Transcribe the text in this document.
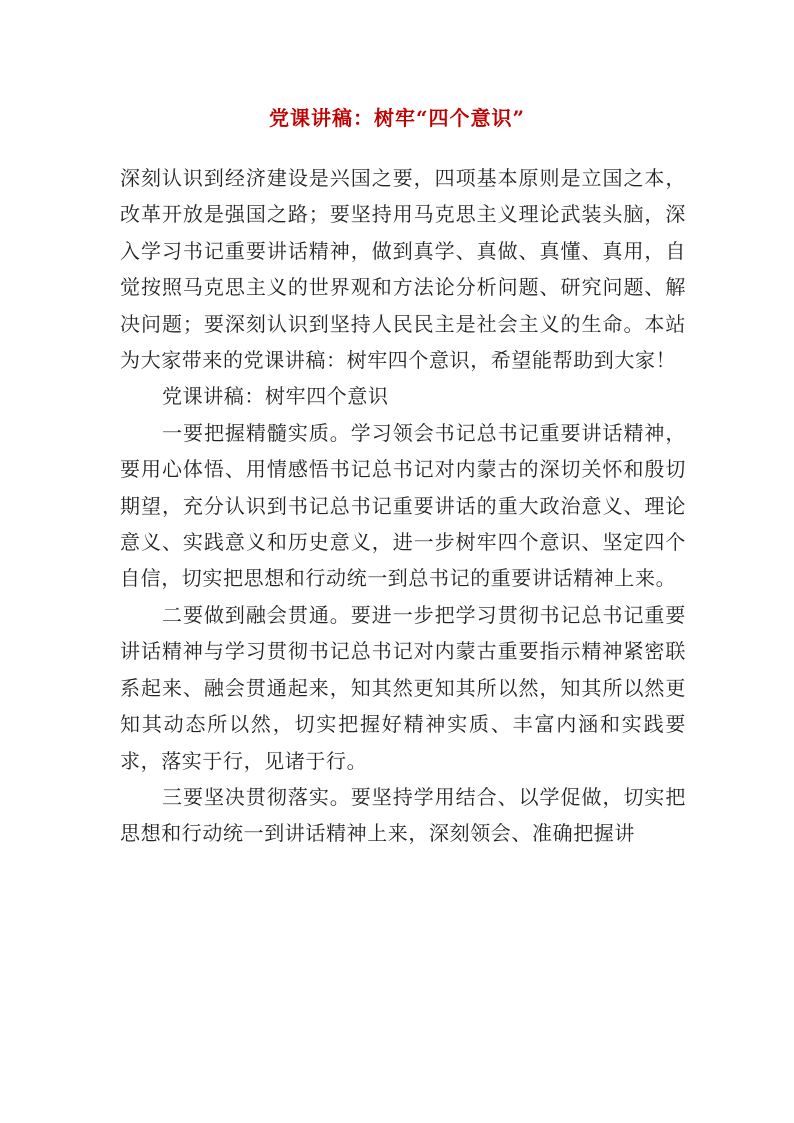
党课讲稿：树牢“四个意识”

深刻认识到经济建设是兴国之要，四项基本原则是立国之本，改革开放是强国之路；要坚持用马克思主义理论武装头脑，深入学习书记重要讲话精神，做到真学、真做、真懂、真用，自觉按照马克思主义的世界观和方法论分析问题、研究问题、解决问题；要深刻认识到坚持人民民主是社会主义的生命。本站为大家带来的党课讲稿：树牢四个意识，希望能帮助到大家！

党课讲稿：树牢四个意识

一要把握精髓实质。学习领会书记总书记重要讲话精神，要用心体悟、用情感悟书记总书记对内蒙古的深切关怀和殷切期望，充分认识到书记总书记重要讲话的重大政治意义、理论意义、实践意义和历史意义，进一步树牢四个意识、坚定四个自信，切实把思想和行动统一到总书记的重要讲话精神上来。

二要做到融会贯通。要进一步把学习贯彻书记总书记重要讲话精神与学习贯彻书记总书记对内蒙古重要指示精神紧密联系起来、融会贯通起来，知其然更知其所以然，知其所以然更知其动态所以然，切实把握好精神实质、丰富内涵和实践要求，落实于行，见诸于行。

三要坚决贯彻落实。要坚持学用结合、以学促做，切实把思想和行动统一到讲话精神上来，深刻领会、准确把握讲
